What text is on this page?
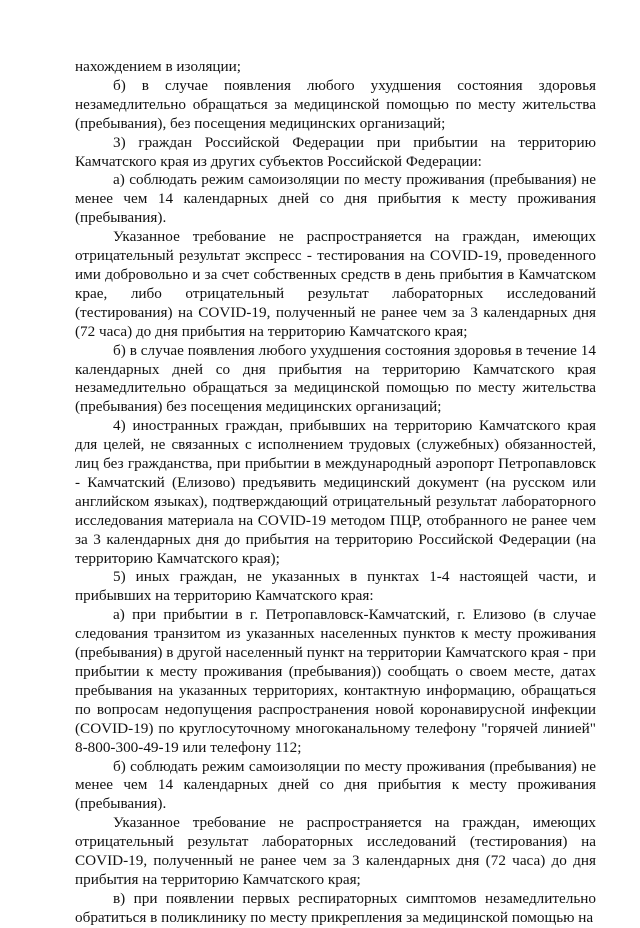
нахождением в изоляции;

б) в случае появления любого ухудшения состояния здоровья незамедлительно обращаться за медицинской помощью по месту жительства (пребывания), без посещения медицинских организаций;

3) граждан Российской Федерации при прибытии на территорию Камчатского края из других субъектов Российской Федерации:

а) соблюдать режим самоизоляции по месту проживания (пребывания) не менее чем 14 календарных дней со дня прибытия к месту проживания (пребывания).

Указанное требование не распространяется на граждан, имеющих отрицательный результат экспресс - тестирования на COVID-19, проведенного ими добровольно и за счет собственных средств в день прибытия в Камчатском крае, либо отрицательный результат лабораторных исследований (тестирования) на COVID-19, полученный не ранее чем за 3 календарных дня (72 часа) до дня прибытия на территорию Камчатского края;

б) в случае появления любого ухудшения состояния здоровья в течение 14 календарных дней со дня прибытия на территорию Камчатского края незамедлительно обращаться за медицинской помощью по месту жительства (пребывания) без посещения медицинских организаций;

4) иностранных граждан, прибывших на территорию Камчатского края для целей, не связанных с исполнением трудовых (служебных) обязанностей, лиц без гражданства, при прибытии в международный аэропорт Петропавловск - Камчатский (Елизово) предъявить медицинский документ (на русском или английском языках), подтверждающий отрицательный результат лабораторного исследования материала на COVID-19 методом ПЦР, отобранного не ранее чем за 3 календарных дня до прибытия на территорию Российской Федерации (на территорию Камчатского края);

5) иных граждан, не указанных в пунктах 1-4 настоящей части, и прибывших на территорию Камчатского края:

а) при прибытии в г. Петропавловск-Камчатский, г. Елизово (в случае следования транзитом из указанных населенных пунктов к месту проживания (пребывания) в другой населенный пункт на территории Камчатского края - при прибытии к месту проживания (пребывания)) сообщать о своем месте, датах пребывания на указанных территориях, контактную информацию, обращаться по вопросам недопущения распространения новой коронавирусной инфекции (COVID-19) по круглосуточному многоканальному телефону "горячей линией" 8-800-300-49-19 или телефону 112;

б) соблюдать режим самоизоляции по месту проживания (пребывания) не менее чем 14 календарных дней со дня прибытия к месту проживания (пребывания).

Указанное требование не распространяется на граждан, имеющих отрицательный результат лабораторных исследований (тестирования) на COVID-19, полученный не ранее чем за 3 календарных дня (72 часа) до дня прибытия на территорию Камчатского края;

в) при появлении первых респираторных симптомов незамедлительно обратиться в поликлинику по месту прикрепления за медицинской помощью на
